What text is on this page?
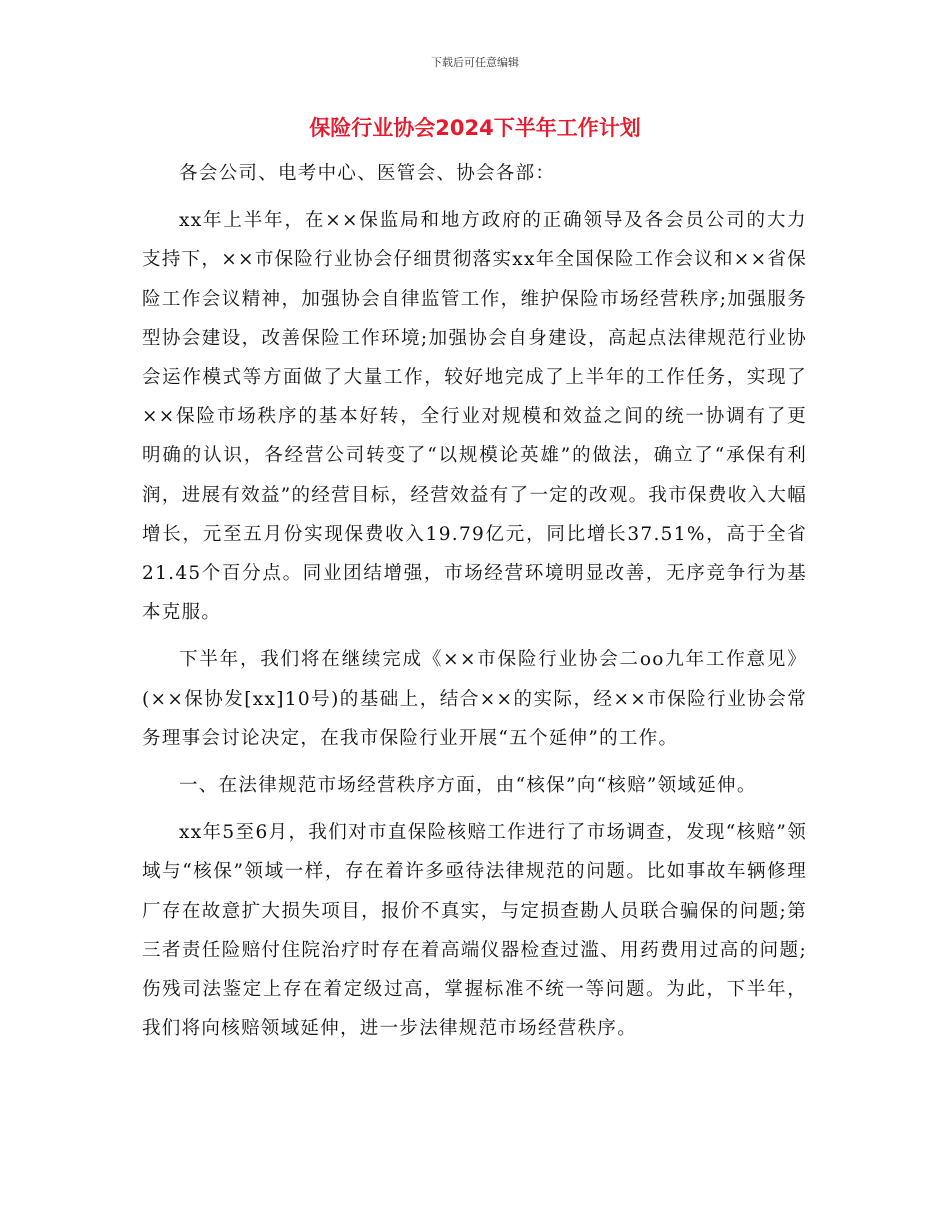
下载后可任意编辑
保险行业协会2024下半年工作计划

各会公司、电考中心、医管会、协会各部：

xx年上半年，在××保监局和地方政府的正确领导及各会员公司的大力支持下，××市保险行业协会仔细贯彻落实xx年全国保险工作会议和××省保险工作会议精神，加强协会自律监管工作，维护保险市场经营秩序;加强服务型协会建设，改善保险工作环境;加强协会自身建设，高起点法律规范行业协会运作模式等方面做了大量工作，较好地完成了上半年的工作任务，实现了××保险市场秩序的基本好转，全行业对规模和效益之间的统一协调有了更明确的认识，各经营公司转变了“以规模论英雄”的做法，确立了“承保有利润，进展有效益”的经营目标，经营效益有了一定的改观。我市保费收入大幅增长，元至五月份实现保费收入19.79亿元，同比增长37.51%，高于全省21.45个百分点。同业团结增强，市场经营环境明显改善，无序竞争行为基本克服。

下半年，我们将在继续完成《××市保险行业协会二oo九年工作意见》(××保协发[xx]10号)的基础上，结合××的实际，经××市保险行业协会常务理事会讨论决定，在我市保险行业开展“五个延伸”的工作。

一、在法律规范市场经营秩序方面，由“核保”向“核赔”领域延伸。

xx年5至6月，我们对市直保险核赔工作进行了市场调查，发现“核赔”领域与“核保”领域一样，存在着许多亟待法律规范的问题。比如事故车辆修理厂存在故意扩大损失项目，报价不真实，与定损查勘人员联合骗保的问题;第三者责任险赔付住院治疗时存在着高端仪器检查过滥、用药费用过高的问题;伤残司法鉴定上存在着定级过高，掌握标准不统一等问题。为此，下半年，我们将向核赔领域延伸，进一步法律规范市场经营秩序。
